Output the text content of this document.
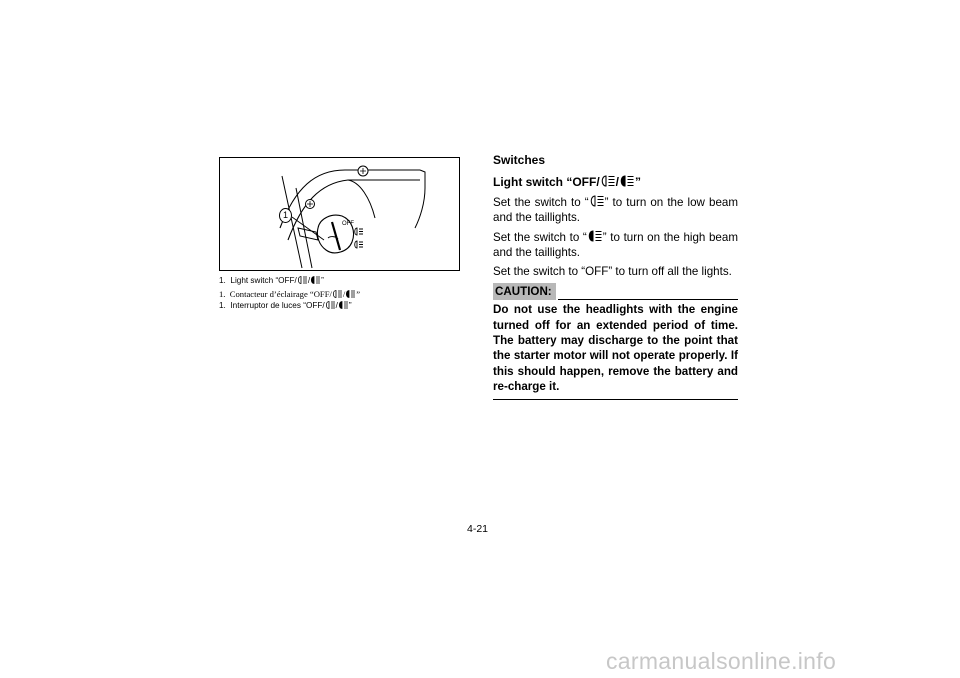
1
OFF
1. Light switch “OFF/ / ”
1. Contacteur d’éclairage “OFF/ / ”
1. Interruptor de luces “OFF/ / ”
Switches
Light switch “OFF/ / ”

Set the switch to “ ” to turn on the low beam and the taillights.

Set the switch to “ ” to turn on the high beam and the taillights.

Set the switch to “OFF” to turn off all the lights.

CAUTION:
Do not use the headlights with the engine turned off for an extended period of time. The battery may discharge to the point that the starter motor will not operate properly. If this should happen, remove the battery and re-charge it.
4-21
carmanualsonline.info
